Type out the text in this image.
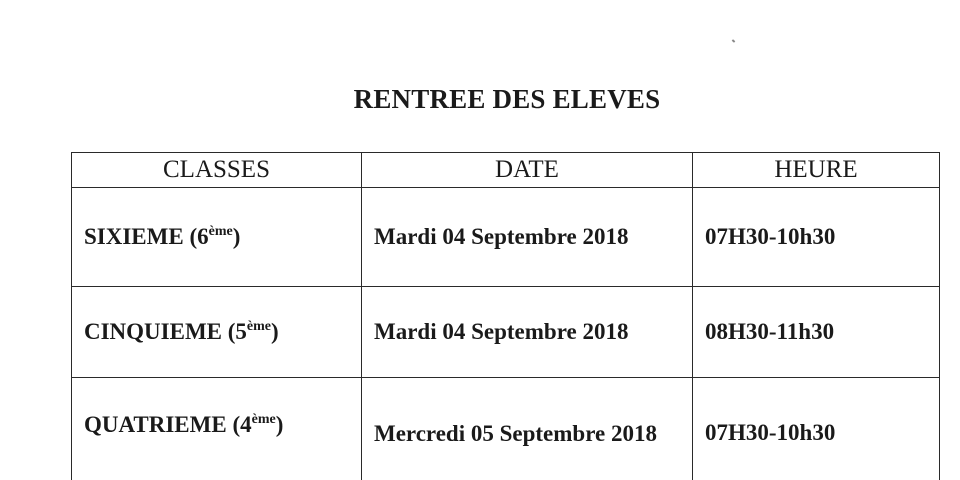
RENTREE DES ELEVES
CLASSES	DATE	HEURE
SIXIEME (6ème)	Mardi 04 Septembre 2018	07H30-10h30
CINQUIEME (5ème)	Mardi 04 Septembre 2018	08H30-11h30
QUATRIEME (4ème)	Mercredi 05 Septembre 2018	07H30-10h30
